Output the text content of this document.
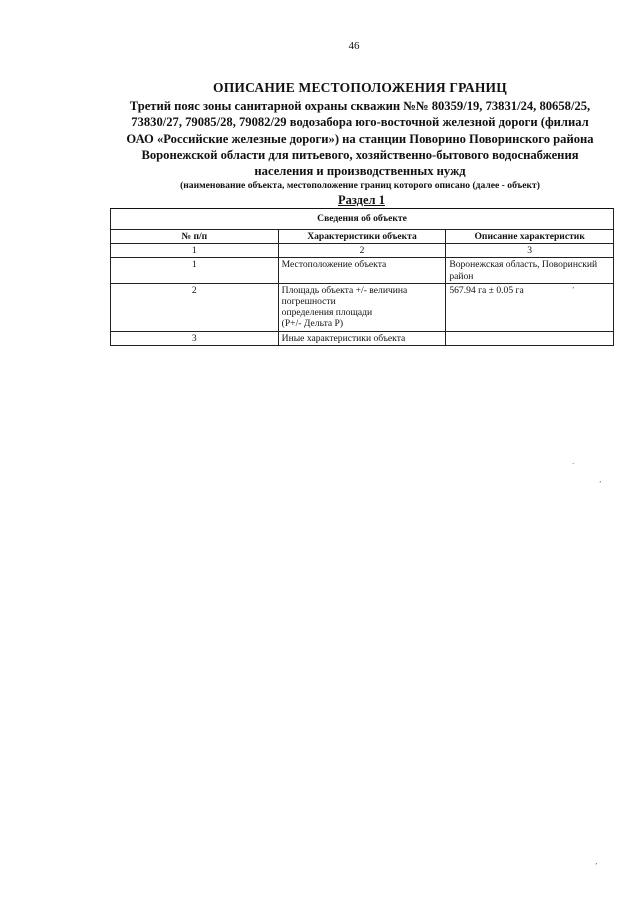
46
ОПИСАНИЕ МЕСТОПОЛОЖЕНИЯ ГРАНИЦ
Третий пояс зоны санитарной охраны скважин №№ 80359/19, 73831/24, 80658/25,
73830/27, 79085/28, 79082/29 водозабора юго-восточной железной дороги (филиал
ОАО «Российские железные дороги») на станции Поворино Поворинского района
Воронежской области для питьевого, хозяйственно-бытового водоснабжения
населения и производственных нужд
(наименование объекта, местоположение границ которого описано (далее - объект)
Раздел 1
Сведения об объекте		
№ п/п	Характеристики объекта	Описание характеристик
1	2	3
1	Местоположение объекта	Воронежская область, Поворинский район
2	Площадь объекта +/- величина погрешности
определения площади
(Р+/- Дельта Р)	567.94 га ± 0.05 га
3	Иные характеристики объекта	
’
·
’
’
